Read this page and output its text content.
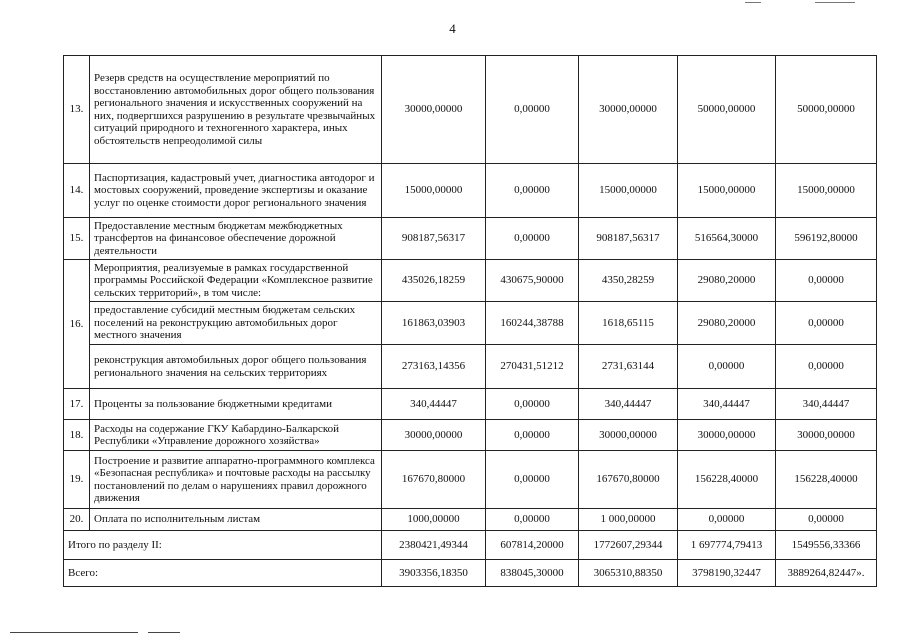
4
13.	Резерв средств на осуществление мероприятий по восстановлению автомобильных дорог общего пользования регионального значения и искусственных сооружений на них, подвергшихся разрушению в результате чрезвычайных ситуаций природного и техногенного характера, иных обстоятельств непреодолимой силы	30000,00000	0,00000	30000,00000	50000,00000	50000,00000
14.	Паспортизация, кадастровый учет, диагностика автодорог и мостовых сооружений, проведение экспертизы и оказание услуг по оценке стоимости дорог регионального значения	15000,00000	0,00000	15000,00000	15000,00000	15000,00000
15.	Предоставление местным бюджетам межбюджетных трансфертов на финансовое обеспечение дорожной деятельности	908187,56317	0,00000	908187,56317	516564,30000	596192,80000
16.	Мероприятия, реализуемые в рамках государственной программы Российской Федерации «Комплексное развитие сельских территорий», в том числе:	435026,18259	430675,90000	4350,28259	29080,20000	0,00000
	предоставление субсидий местным бюджетам сельских поселений на реконструкцию автомобильных дорог местного значения	161863,03903	160244,38788	1618,65115	29080,20000	0,00000
	реконструкция автомобильных дорог общего пользования регионального значения на сельских территориях	273163,14356	270431,51212	2731,63144	0,00000	0,00000
17.	Проценты за пользование бюджетными кредитами	340,44447	0,00000	340,44447	340,44447	340,44447
18.	Расходы на содержание ГКУ Кабардино-Балкарской Республики «Управление дорожного хозяйства»	30000,00000	0,00000	30000,00000	30000,00000	30000,00000
19.	Построение и развитие аппаратно-программного комплекса «Безопасная республика» и почтовые расходы на рассылку постановлений по делам о нарушениях правил дорожного движения	167670,80000	0,00000	167670,80000	156228,40000	156228,40000
20.	Оплата по исполнительным листам	1000,00000	0,00000	1 000,00000	0,00000	0,00000
Итого по разделу II:		2380421,49344	607814,20000	1772607,29344	1 697774,79413	1549556,33366
Всего:		3903356,18350	838045,30000	3065310,88350	3798190,32447	3889264,82447».
